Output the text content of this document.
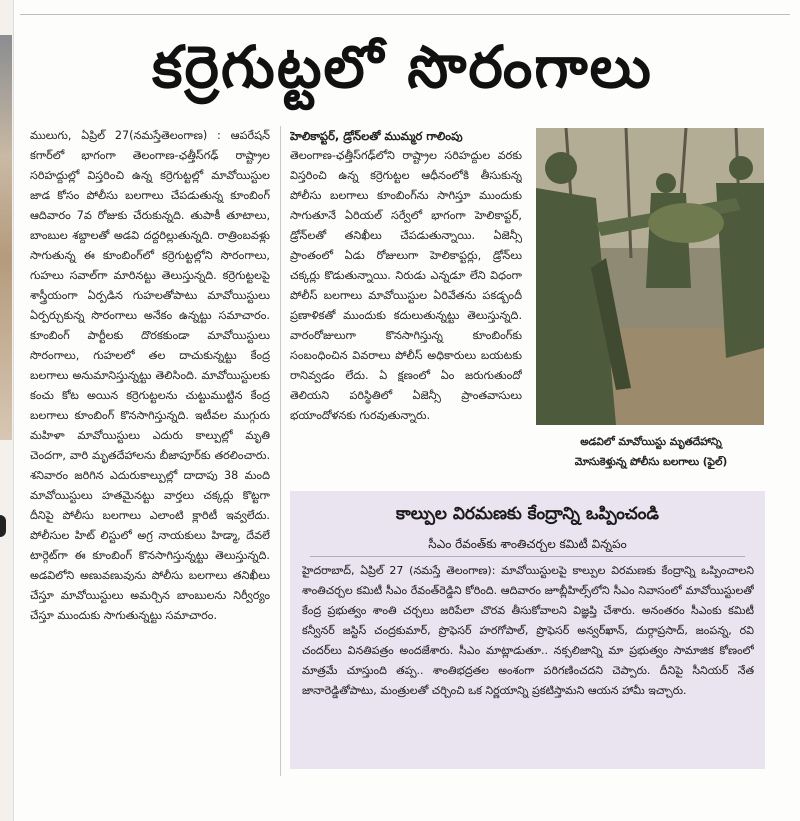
కర్రెగుట్టలో సొరంగాలు
ములుగు, ఏప్రిల్ 27(నమస్తేతెలంగాణ) : ఆపరేషన్ కగార్‌లో భాగంగా తెలంగాణ-ఛత్తీస్‌గఢ్ రాష్ట్రాల సరిహద్దుల్లో విస్తరించి ఉన్న కర్రెగుట్టల్లో మావోయిస్టుల జాడ కోసం పోలీసు బలగాలు చేపడుతున్న కూంబింగ్ ఆదివారం 7వ రోజుకు చేరుకున్నది. తుపాకీ తూటాలు, బాంబుల శబ్దాలతో అడవి దద్దరిల్లుతున్నది. రాత్రింబవళ్లు సాగుతున్న ఈ కూంబింగ్‌లో కర్రెగుట్టల్లోని సొరంగాలు, గుహలు సవాల్‌గా మారినట్టు తెలుస్తున్నది. కర్రెగుట్టలపై శాస్త్రీయంగా ఏర్పడిన గుహలతోపాటు మావోయిస్టులు ఏర్పర్చుకున్న సొరంగాలు అనేకం ఉన్నట్టు సమాచారం. కూంబింగ్ పార్టీలకు దొరకకుండా మావోయిస్టులు సొరంగాలు, గుహలలో తల దాచుకున్నట్టు కేంద్ర బలగాలు అనుమానిస్తున్నట్టు తెలిసింది. మావోయిస్టులకు కంచు కోట అయిన కర్రెగుట్టలను చుట్టుముట్టిన కేంద్ర బలగాలు కూంబింగ్ కొనసాగిస్తున్నది. ఇటీవల ముగ్గురు మహిళా మావోయిస్టులు ఎదురు కాల్పుల్లో మృతి చెందగా, వారి మృతదేహాలను బీజాపూర్‌కు తరలించారు. శనివారం జరిగిన ఎదురుకాల్పుల్లో దాదాపు 38 మంది మావోయిస్టులు హతమైనట్టు వార్తలు చక్కర్లు కొట్టగా దీనిపై పోలీసు బలగాలు ఎలాంటి క్లారిటీ ఇవ్వలేదు. పోలీసుల హిట్ లిస్టులో అగ్ర నాయకులు హిడ్మా, దేవలే టార్గెట్‌గా ఈ కూంబింగ్ కొనసాగిస్తున్నట్టు తెలుస్తున్నది. అడవిలోని అణువణువును పోలీసు బలగాలు తనిఖీలు చేస్తూ మావోయిస్టులు అమర్చిన బాంబులను నిర్వీర్యం చేస్తూ ముందుకు సాగుతున్నట్టు సమాచారం.
హెలికాప్టర్, డ్రోన్‌లతో ముమ్మర గాలింపు
తెలంగాణ-ఛత్తీస్‌గఢ్‌లోని రాష్ట్రాల సరిహద్దుల వరకు విస్తరించి ఉన్న కర్రెగుట్టల ఆధీనంలోకి తీసుకున్న పోలీసు బలగాలు కూంబింగ్‌ను సాగిస్తూ ముందుకు సాగుతూనే ఏరియల్ సర్వేలో భాగంగా హెలికాప్టర్, డ్రోన్‌లతో తనిఖీలు చేపడుతున్నాయి. ఏజెన్సీ ప్రాంతంలో ఏడు రోజులుగా హెలికాప్టర్లు, డ్రోన్‌లు చక్కర్లు కొడుతున్నాయి. నిరుడు ఎన్నడూ లేని విధంగా పోలీస్ బలగాలు మావోయిస్టుల ఏరివేతను పకడ్బందీ ప్రణాళికతో ముందుకు కదులుతున్నట్టు తెలుస్తున్నది. వారంరోజులుగా కొనసాగిస్తున్న కూంబింగ్‌కు సంబంధించిన వివరాలు పోలీస్ అధికారులు బయటకు రానివ్వడం లేదు. ఏ క్షణంలో ఏం జరుగుతుందో తెలియని పరిస్థితిలో ఏజెన్సీ ప్రాంతవాసులు భయాందోళనకు గురవుతున్నారు.
అడవిలో మావోయిస్టు మృతదేహాన్ని
మోసుకెళ్తున్న పోలీసు బలగాలు (ఫైల్)
కాల్పుల విరమణకు కేంద్రాన్ని ఒప్పించండి
సీఎం రేవంత్‌కు శాంతిచర్చల కమిటీ విన్నపం
హైదరాబాద్, ఏప్రిల్ 27 (నమస్తే తెలంగాణ): మావోయిస్టులపై కాల్పుల విరమణకు కేంద్రాన్ని ఒప్పించాలని శాంతిచర్చల కమిటీ సీఎం రేవంత్‌రెడ్డిని కోరింది. ఆదివారం జూబ్లీహిల్స్‌లోని సీఎం నివాసంలో మావోయిస్టులతో కేంద్ర ప్రభుత్వం శాంతి చర్చలు జరిపేలా చొరవ తీసుకోవాలని విజ్ఞప్తి చేశారు. అనంతరం సీఎంకు కమిటీ కన్వీనర్ జస్టిస్ చంద్రకుమార్, ప్రొఫెసర్ హరగోపాల్, ప్రొఫెసర్ అన్వర్‌ఖాన్, దుర్గాప్రసాద్, జంపన్న, రవి చందర్‌లు వినతిపత్రం అందజేశారు. సీఎం మాట్లాడుతూ.. నక్సలిజాన్ని మా ప్రభుత్వం సామాజిక కోణంలో మాత్రమే చూస్తుంది తప్ప.. శాంతిభద్రతల అంశంగా పరిగణించదని చెప్పారు. దీనిపై సీనియర్ నేత జానారెడ్డితోపాటు, మంత్రులతో చర్చించి ఒక నిర్ణయాన్ని ప్రకటిస్తామని ఆయన హామీ ఇచ్చారు.
